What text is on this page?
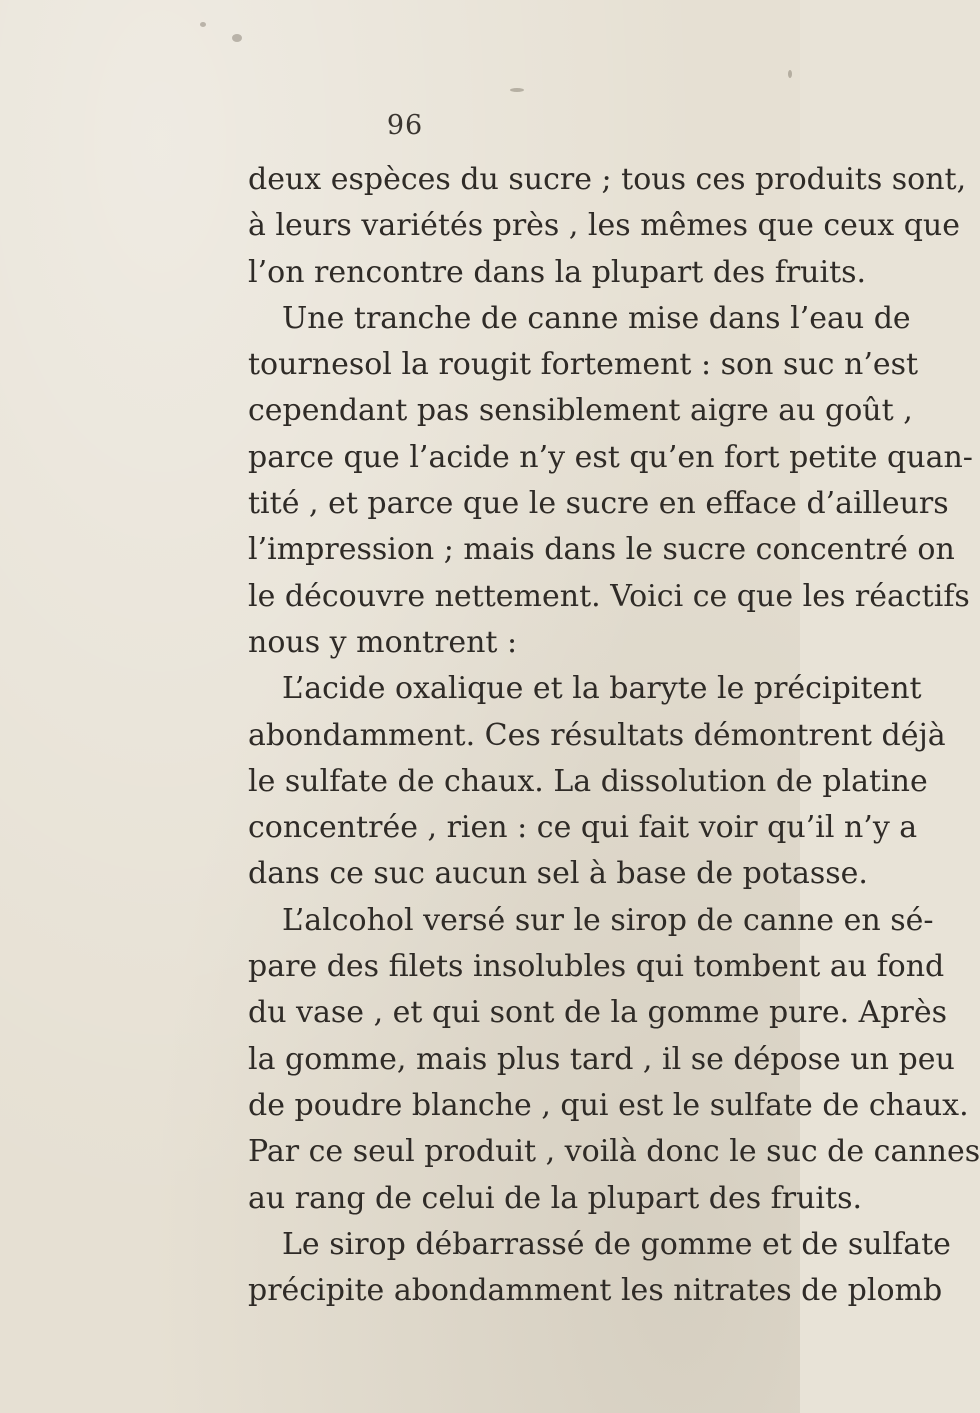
96
deux espèces du sucre ; tous ces produits sont,
à leurs variétés près , les mêmes que ceux que
l’on rencontre dans la plupart des fruits.
Une tranche de canne mise dans l’eau de
tournesol la rougit fortement : son suc n’est
cependant pas sensiblement aigre au goût ,
parce que l’acide n’y est qu’en fort petite quan-
tité , et parce que le sucre en efface d’ailleurs
l’impression ; mais dans le sucre concentré on
le découvre nettement. Voici ce que les réactifs
nous y montrent :
L’acide oxalique et la baryte le précipitent
abondamment. Ces résultats démontrent déjà
le sulfate de chaux. La dissolution de platine
concentrée , rien : ce qui fait voir qu’il n’y a
dans ce suc aucun sel à base de potasse.
L’alcohol versé sur le sirop de canne en sé-
pare des filets insolubles qui tombent au fond
du vase , et qui sont de la gomme pure. Après
la gomme, mais plus tard , il se dépose un peu
de poudre blanche , qui est le sulfate de chaux.
Par ce seul produit , voilà donc le suc de cannes
au rang de celui de la plupart des fruits.
Le sirop débarrassé de gomme et de sulfate
précipite abondamment les nitrates de plomb
